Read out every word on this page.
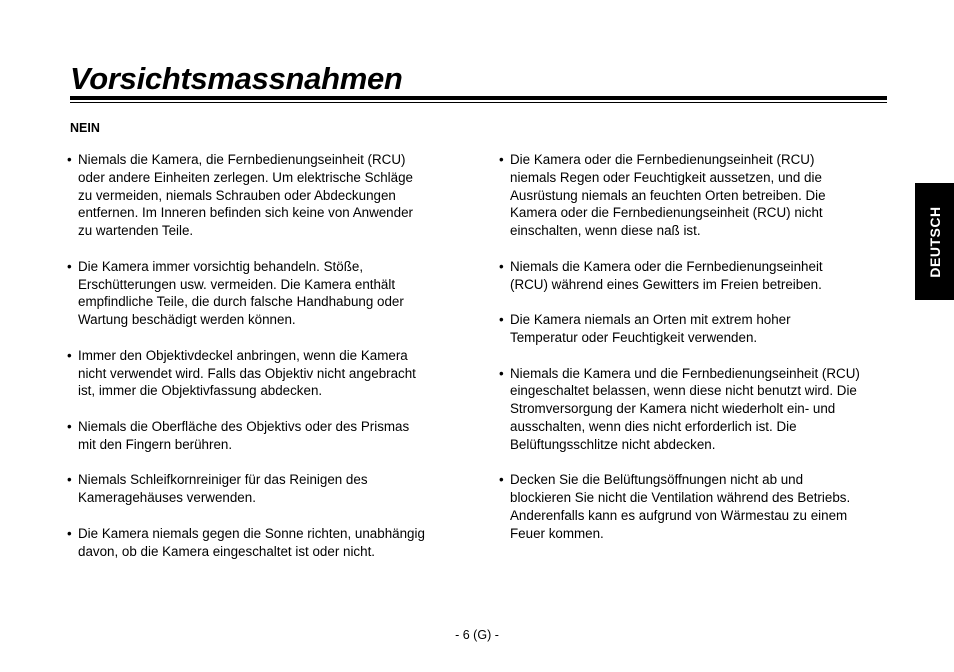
Vorsichtsmassnahmen
NEIN
• Niemals die Kamera, die Fernbedienungseinheit (RCU)
oder andere Einheiten zerlegen. Um elektrische Schläge
zu vermeiden, niemals Schrauben oder Abdeckungen
entfernen. Im Inneren befinden sich keine von Anwender
zu wartenden Teile.
• Die Kamera immer vorsichtig behandeln. Stöße,
Erschütterungen usw. vermeiden. Die Kamera enthält
empfindliche Teile, die durch falsche Handhabung oder
Wartung beschädigt werden können.
• Immer den Objektivdeckel anbringen, wenn die Kamera
nicht verwendet wird. Falls das Objektiv nicht angebracht
ist, immer die Objektivfassung abdecken.
• Niemals die Oberfläche des Objektivs oder des Prismas
mit den Fingern berühren.
• Niemals Schleifkornreiniger für das Reinigen des
Kameragehäuses verwenden.
• Die Kamera niemals gegen die Sonne richten, unabhängig
davon, ob die Kamera eingeschaltet ist oder nicht.
• Die Kamera oder die Fernbedienungseinheit (RCU)
niemals Regen oder Feuchtigkeit aussetzen, und die
Ausrüstung niemals an feuchten Orten betreiben. Die
Kamera oder die Fernbedienungseinheit (RCU) nicht
einschalten, wenn diese naß ist.
• Niemals die Kamera oder die Fernbedienungseinheit
(RCU) während eines Gewitters im Freien betreiben.
• Die Kamera niemals an Orten mit extrem hoher
Temperatur oder Feuchtigkeit verwenden.
• Niemals die Kamera und die Fernbedienungseinheit (RCU)
eingeschaltet belassen, wenn diese nicht benutzt wird. Die
Stromversorgung der Kamera nicht wiederholt ein- und
ausschalten, wenn dies nicht erforderlich ist. Die
Belüftungsschlitze nicht abdecken.
• Decken Sie die Belüftungsöffnungen nicht ab und
blockieren Sie nicht die Ventilation während des Betriebs.
Anderenfalls kann es aufgrund von Wärmestau zu einem
Feuer kommen.
DEUTSCH
- 6 (G) -
